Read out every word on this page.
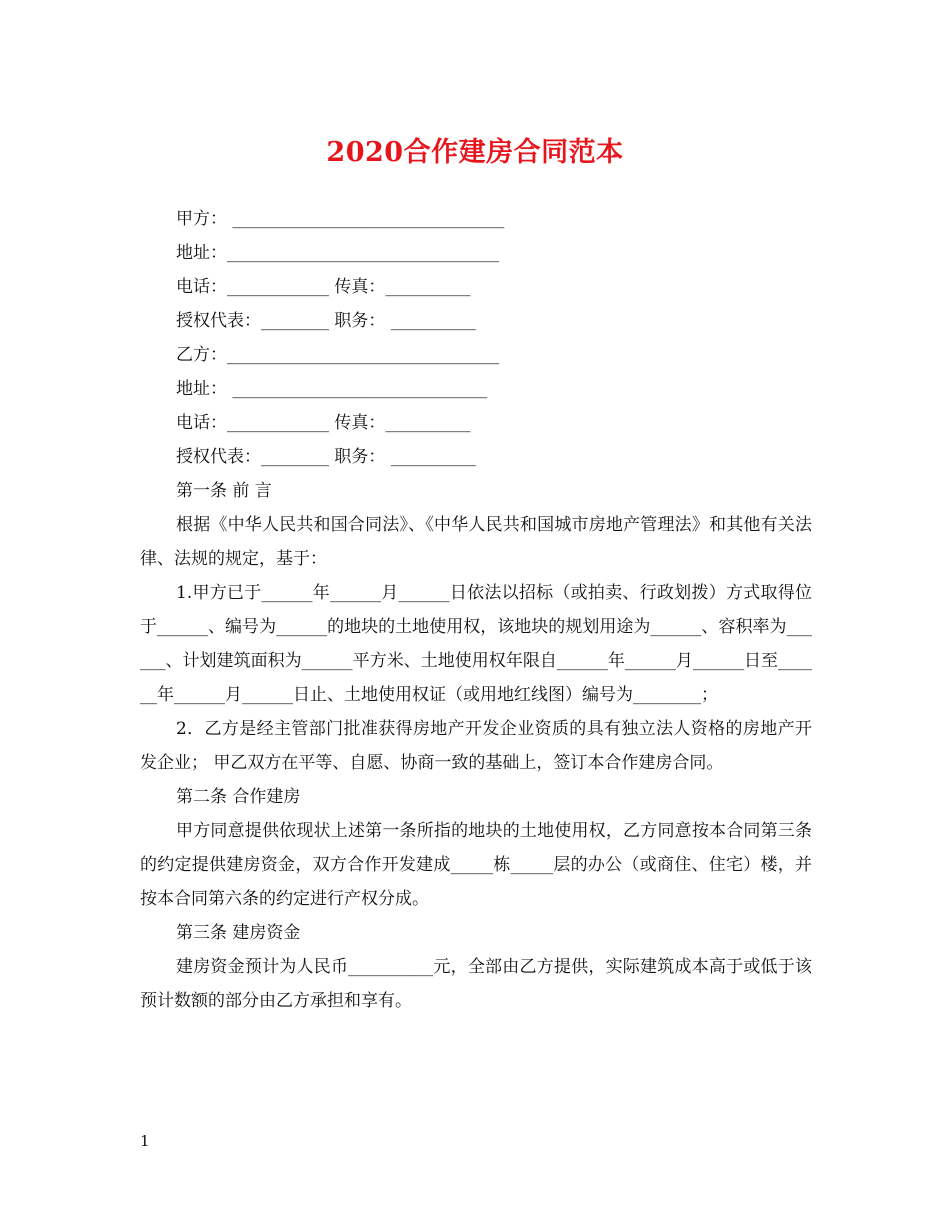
2020合作建房合同范本
甲方： ________________________________
地址：________________________________
电话：____________ 传真：__________
授权代表：________ 职务： __________
乙方：________________________________
地址： ______________________________
电话：____________ 传真：__________
授权代表：________ 职务： __________
第一条 前 言
根据《中华人民共和国合同法》、《中华人民共和国城市房地产管理法》和其他有关法律、法规的规定，基于：
1.甲方已于______年______月______日依法以招标（或拍卖、行政划拨）方式取得位于______、编号为______的地块的土地使用权，该地块的规划用途为______、容积率为______、计划建筑面积为______平方米、土地使用权年限自______年______月______日至______年______月______日止、土地使用权证（或用地红线图）编号为________；
2．乙方是经主管部门批准获得房地产开发企业资质的具有独立法人资格的房地产开发企业； 甲乙双方在平等、自愿、协商一致的基础上，签订本合作建房合同。
第二条 合作建房
甲方同意提供依现状上述第一条所指的地块的土地使用权，乙方同意按本合同第三条的约定提供建房资金，双方合作开发建成_____栋_____层的办公（或商住、住宅）楼，并按本合同第六条的约定进行产权分成。
第三条 建房资金
建房资金预计为人民币__________元，全部由乙方提供，实际建筑成本高于或低于该预计数额的部分由乙方承担和享有。
1
